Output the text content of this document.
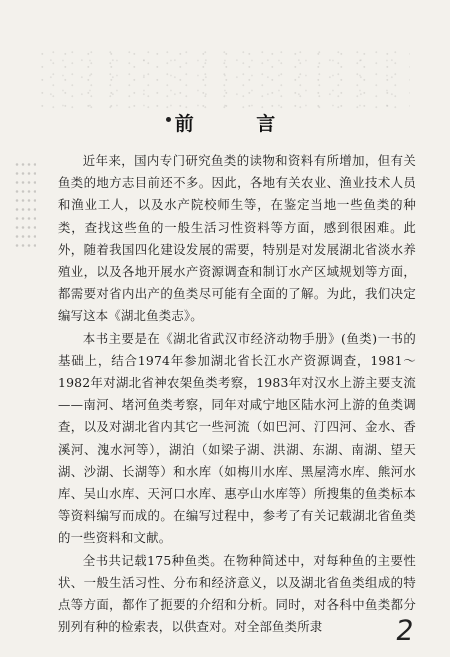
前 言

近年来，国内专门研究鱼类的读物和资料有所增加，但有关鱼类的地方志目前还不多。因此，各地有关农业、渔业技术人员和渔业工人，以及水产院校师生等，在鉴定当地一些鱼类的种类，查找这些鱼的一般生活习性资料等方面，感到很困难。此外，随着我国四化建设发展的需要，特别是对发展湖北省淡水养殖业，以及各地开展水产资源调查和制订水产区域规划等方面，都需要对省内出产的鱼类尽可能有全面的了解。为此，我们决定编写这本《湖北鱼类志》。

本书主要是在《湖北省武汉市经济动物手册》(鱼类)一书的基础上，结合1974年参加湖北省长江水产资源调查，1981～1982年对湖北省神农架鱼类考察，1983年对汉水上游主要支流——南河、堵河鱼类考察，同年对咸宁地区陆水河上游的鱼类调查，以及对湖北省内其它一些河流（如巴河、汀四河、金水、香溪河、溾水河等），湖泊（如梁子湖、洪湖、东湖、南湖、望天湖、沙湖、长湖等）和水库（如梅川水库、黑屋湾水库、熊河水库、吴山水库、天河口水库、惠亭山水库等）所搜集的鱼类标本等资料编写而成的。在编写过程中，参考了有关记载湖北省鱼类的一些资料和文献。

全书共记载175种鱼类。在物种简述中，对每种鱼的主要性状、一般生活习性、分布和经济意义，以及湖北省鱼类组成的特点等方面，都作了扼要的介绍和分析。同时，对各科中鱼类都分别列有种的检索表，以供查对。对全部鱼类所隶	2
